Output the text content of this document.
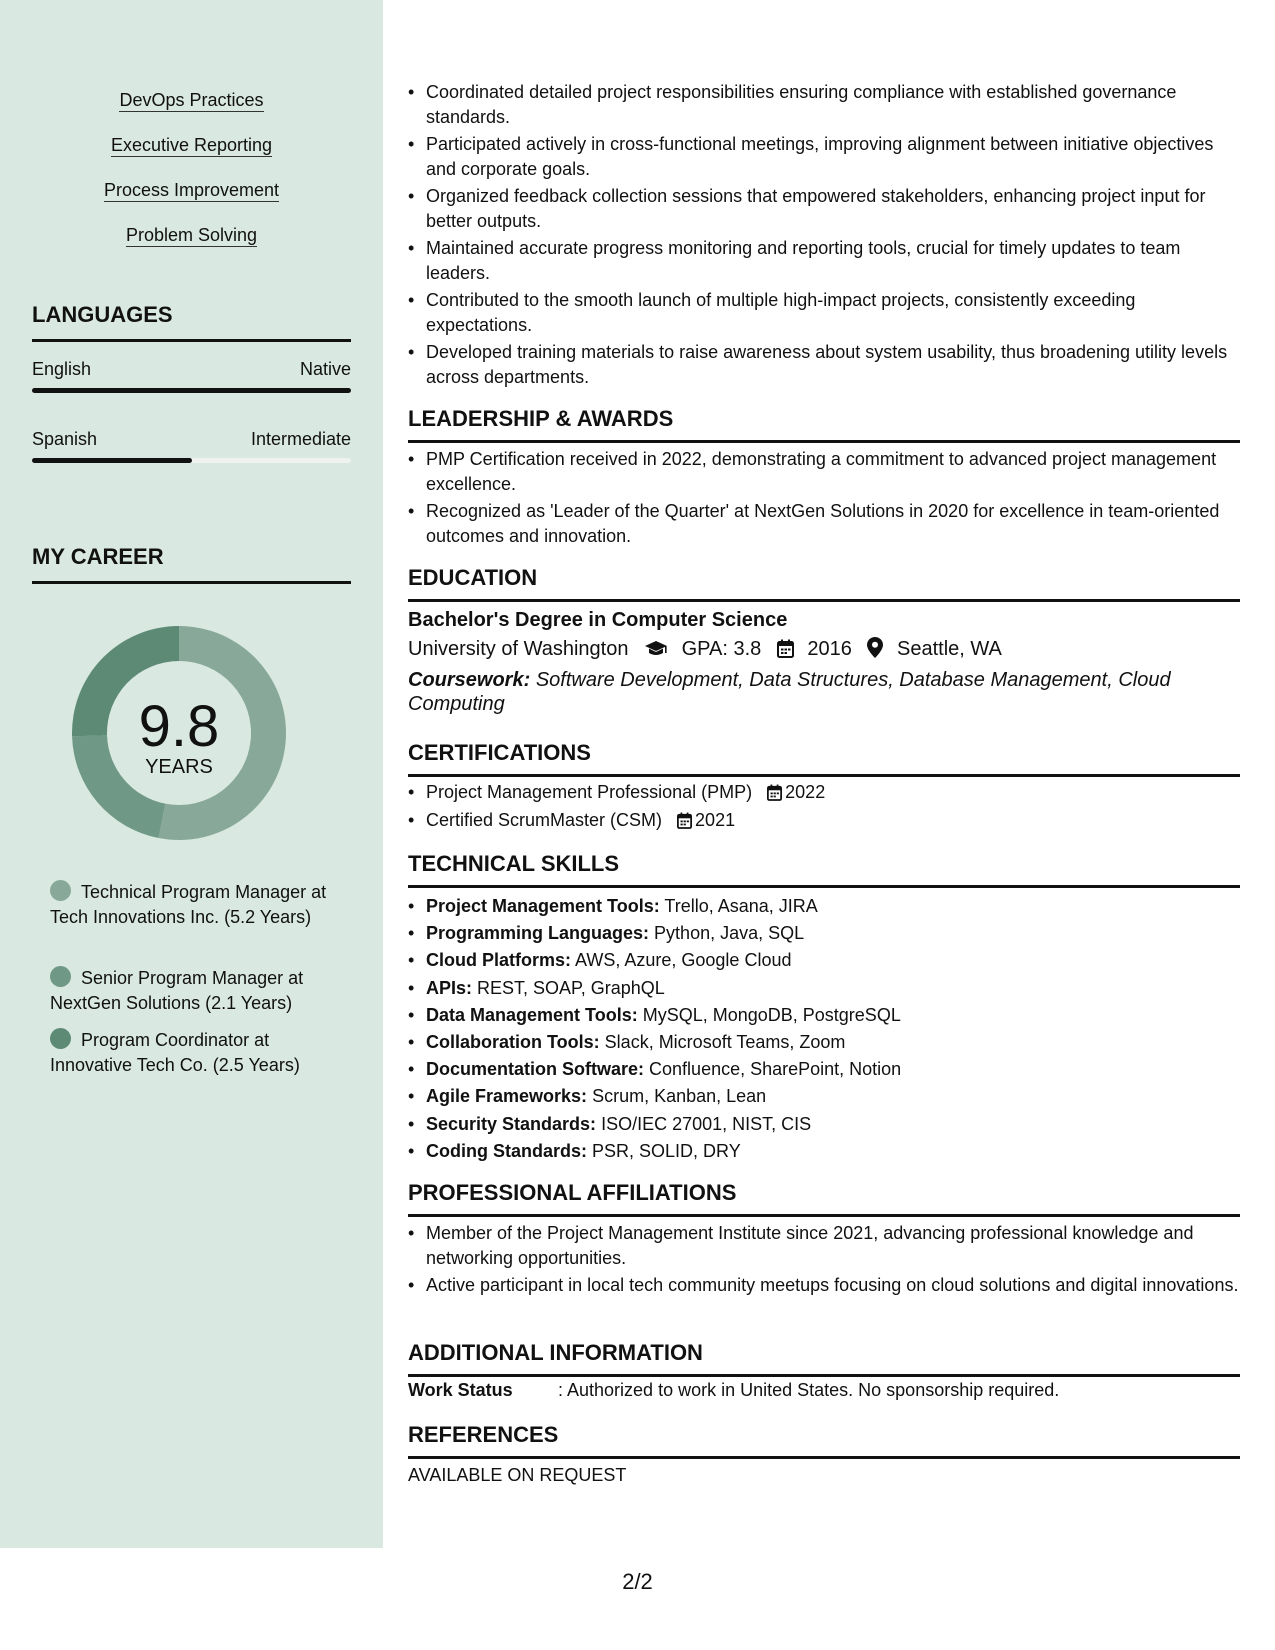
DevOps Practices
Executive Reporting
Process Improvement
Problem Solving
LANGUAGES
English	Native
Spanish	Intermediate
MY CAREER
9.8
YEARS
Technical Program Manager at Tech Innovations Inc. (5.2 Years)
Senior Program Manager at NextGen Solutions (2.1 Years)
Program Coordinator at Innovative Tech Co. (2.5 Years)
• Coordinated detailed project responsibilities ensuring compliance with established governance standards.
• Participated actively in cross-functional meetings, improving alignment between initiative objectives and corporate goals.
• Organized feedback collection sessions that empowered stakeholders, enhancing project input for better outputs.
• Maintained accurate progress monitoring and reporting tools, crucial for timely updates to team leaders.
• Contributed to the smooth launch of multiple high-impact projects, consistently exceeding expectations.
• Developed training materials to raise awareness about system usability, thus broadening utility levels across departments.
LEADERSHIP & AWARDS
• PMP Certification received in 2022, demonstrating a commitment to advanced project management excellence.
• Recognized as 'Leader of the Quarter' at NextGen Solutions in 2020 for excellence in team-oriented outcomes and innovation.
EDUCATION
Bachelor's Degree in Computer Science
University of Washington	GPA: 3.8 2016 Seattle, WA
Coursework: Software Development, Data Structures, Database Management, Cloud Computing
CERTIFICATIONS
• Project Management Professional (PMP) 2022
• Certified ScrumMaster (CSM) 2021
TECHNICAL SKILLS
• Project Management Tools: Trello, Asana, JIRA
• Programming Languages: Python, Java, SQL
• Cloud Platforms: AWS, Azure, Google Cloud
• APIs: REST, SOAP, GraphQL
• Data Management Tools: MySQL, MongoDB, PostgreSQL
• Collaboration Tools: Slack, Microsoft Teams, Zoom
• Documentation Software: Confluence, SharePoint, Notion
• Agile Frameworks: Scrum, Kanban, Lean
• Security Standards: ISO/IEC 27001, NIST, CIS
• Coding Standards: PSR, SOLID, DRY
PROFESSIONAL AFFILIATIONS
• Member of the Project Management Institute since 2021, advancing professional knowledge and networking opportunities.
• Active participant in local tech community meetups focusing on cloud solutions and digital innovations.
ADDITIONAL INFORMATION
Work Status	: Authorized to work in United States. No sponsorship required.
REFERENCES
AVAILABLE ON REQUEST
2/2
